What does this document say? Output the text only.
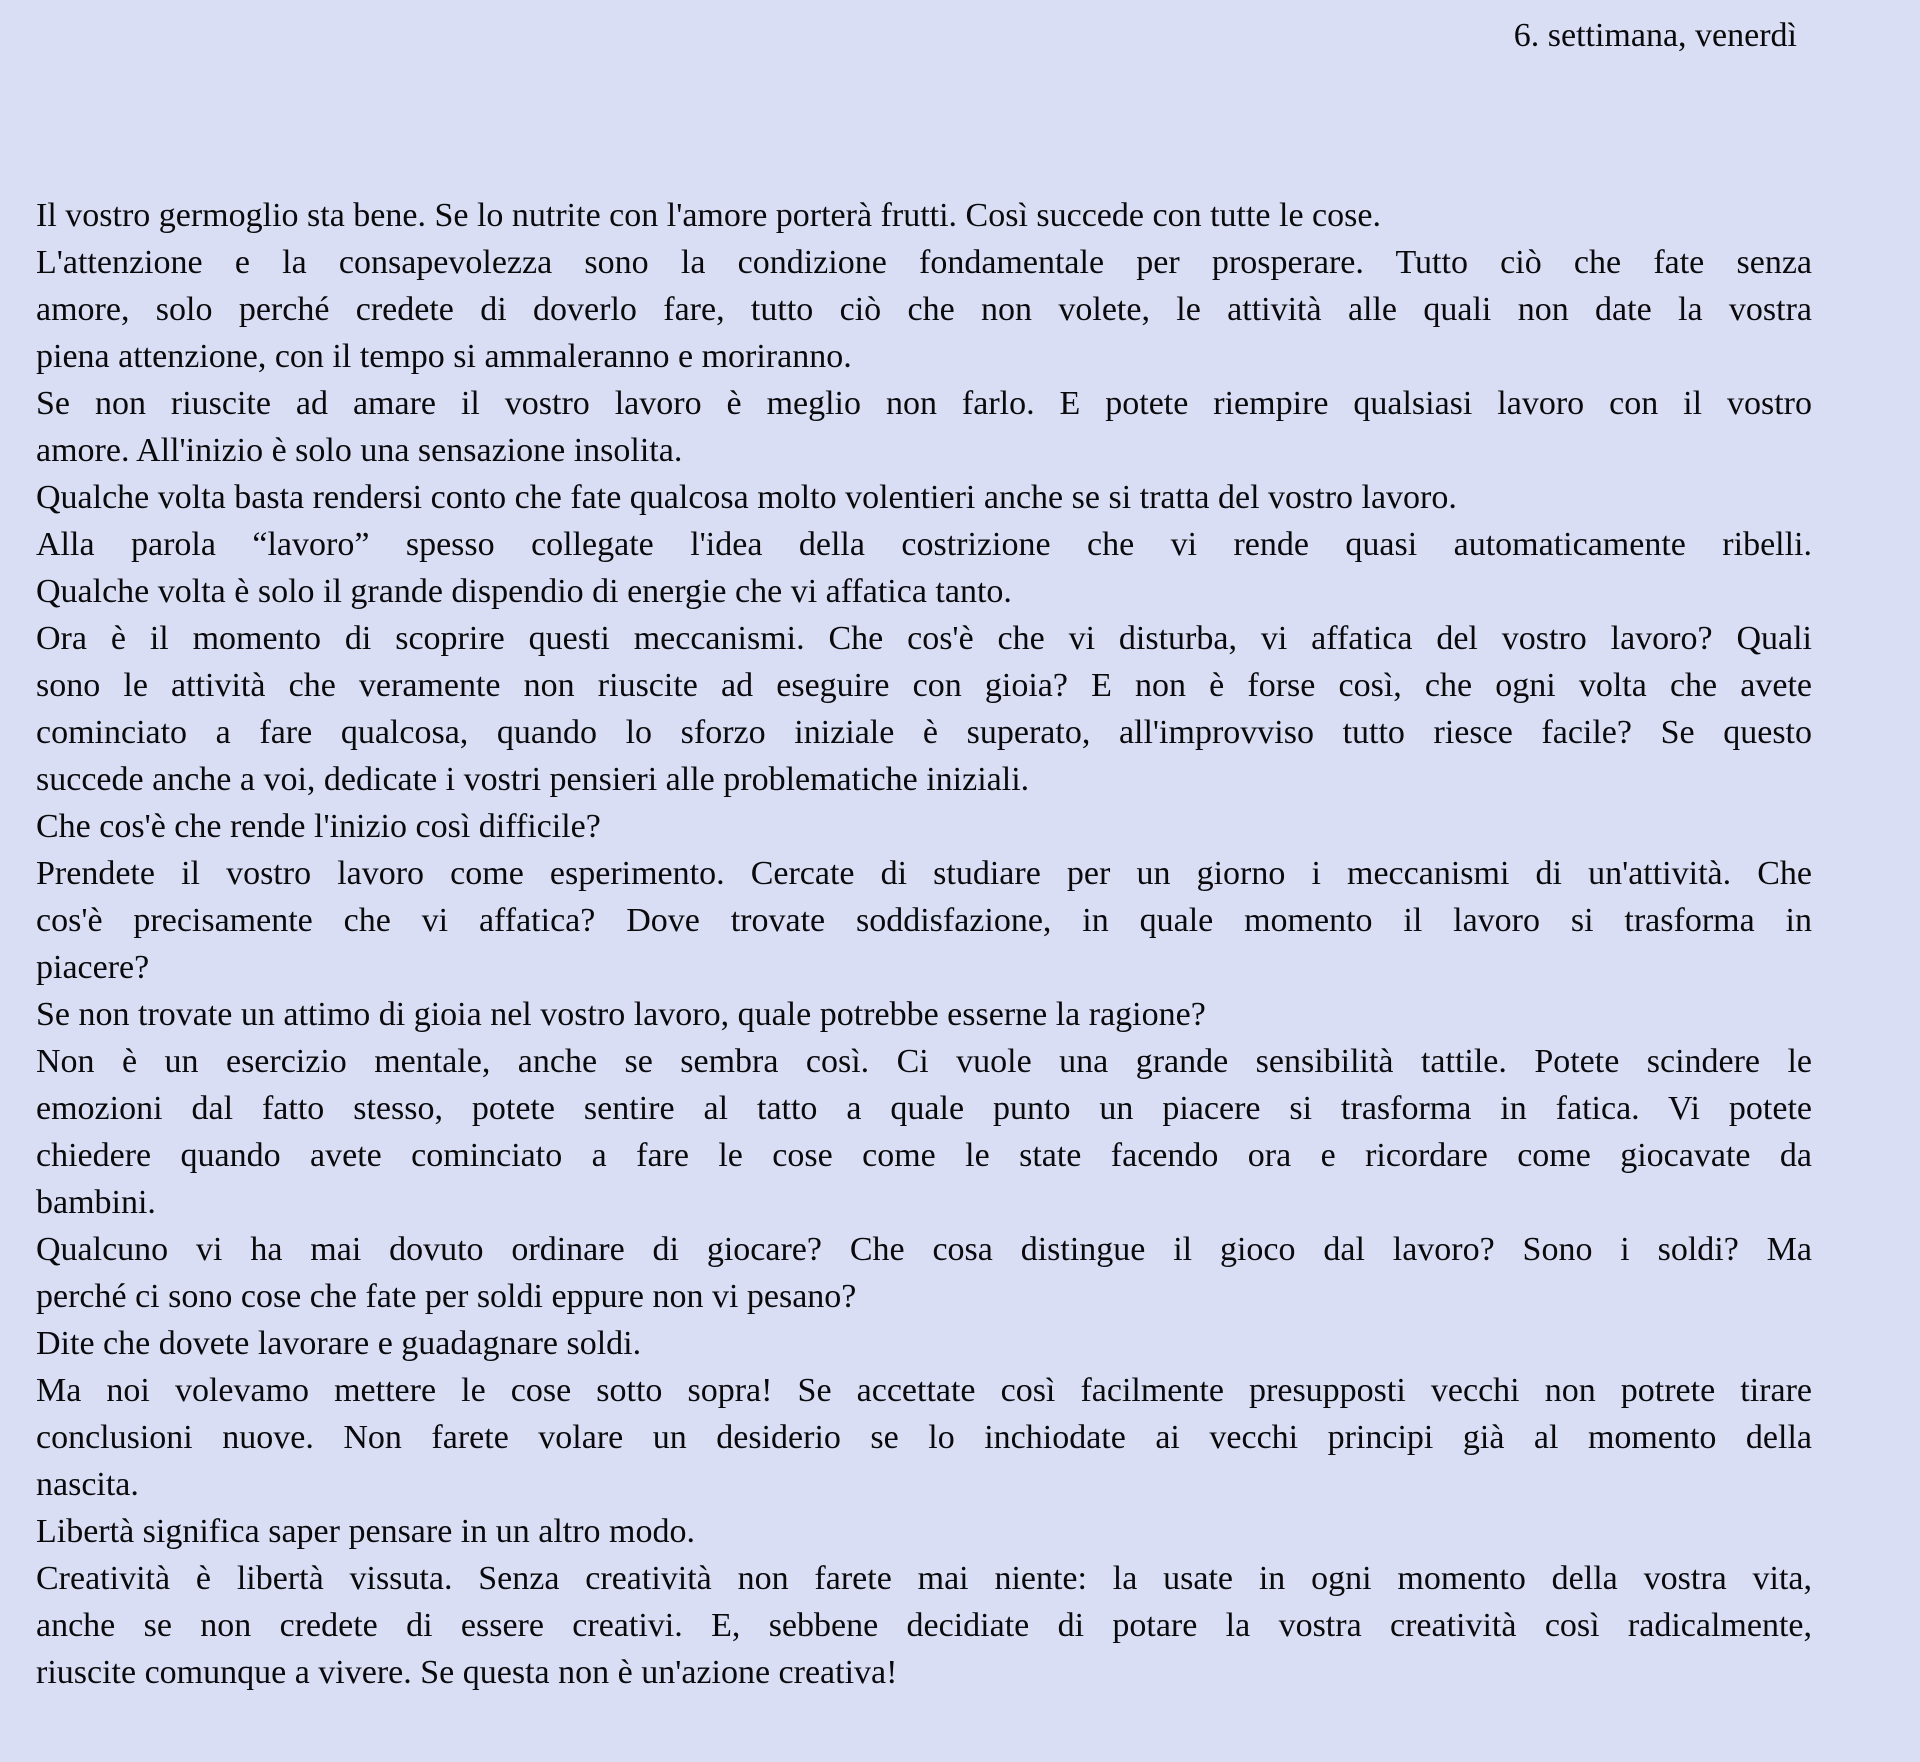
6. settimana, venerdì
Il vostro germoglio sta bene. Se lo nutrite con l'amore porterà frutti. Così succede con tutte le cose.
L'attenzione e la consapevolezza sono la condizione fondamentale per prosperare. Tutto ciò che fate senza
amore, solo perché credete di doverlo fare, tutto ciò che non volete, le attività alle quali non date la vostra
piena attenzione, con il tempo si ammaleranno e moriranno.
Se non riuscite ad amare il vostro lavoro è meglio non farlo. E potete riempire qualsiasi lavoro con il vostro
amore. All'inizio è solo una sensazione insolita.
Qualche volta basta rendersi conto che fate qualcosa molto volentieri anche se si tratta del vostro lavoro.
Alla parola “lavoro” spesso collegate l'idea della costrizione che vi rende quasi automaticamente ribelli.
Qualche volta è solo il grande dispendio di energie che vi affatica tanto.
Ora è il momento di scoprire questi meccanismi. Che cos'è che vi disturba, vi affatica del vostro lavoro? Quali
sono le attività che veramente non riuscite ad eseguire con gioia? E non è forse così, che ogni volta che avete
cominciato a fare qualcosa, quando lo sforzo iniziale è superato, all'improvviso tutto riesce facile? Se questo
succede anche a voi, dedicate i vostri pensieri alle problematiche iniziali.
Che cos'è che rende l'inizio così difficile?
Prendete il vostro lavoro come esperimento. Cercate di studiare per un giorno i meccanismi di un'attività. Che
cos'è precisamente che vi affatica? Dove trovate soddisfazione, in quale momento il lavoro si trasforma in
piacere?
Se non trovate un attimo di gioia nel vostro lavoro, quale potrebbe esserne la ragione?
Non è un esercizio mentale, anche se sembra così. Ci vuole una grande sensibilità tattile. Potete scindere le
emozioni dal fatto stesso, potete sentire al tatto a quale punto un piacere si trasforma in fatica. Vi potete
chiedere quando avete cominciato a fare le cose come le state facendo ora e ricordare come giocavate da
bambini.
Qualcuno vi ha mai dovuto ordinare di giocare? Che cosa distingue il gioco dal lavoro? Sono i soldi? Ma
perché ci sono cose che fate per soldi eppure non vi pesano?
Dite che dovete lavorare e guadagnare soldi.
Ma noi volevamo mettere le cose sotto sopra! Se accettate così facilmente presupposti vecchi non potrete tirare
conclusioni nuove. Non farete volare un desiderio se lo inchiodate ai vecchi principi già al momento della
nascita.
Libertà significa saper pensare in un altro modo.
Creatività è libertà vissuta. Senza creatività non farete mai niente: la usate in ogni momento della vostra vita,
anche se non credete di essere creativi. E, sebbene decidiate di potare la vostra creatività così radicalmente,
riuscite comunque a vivere. Se questa non è un'azione creativa!
